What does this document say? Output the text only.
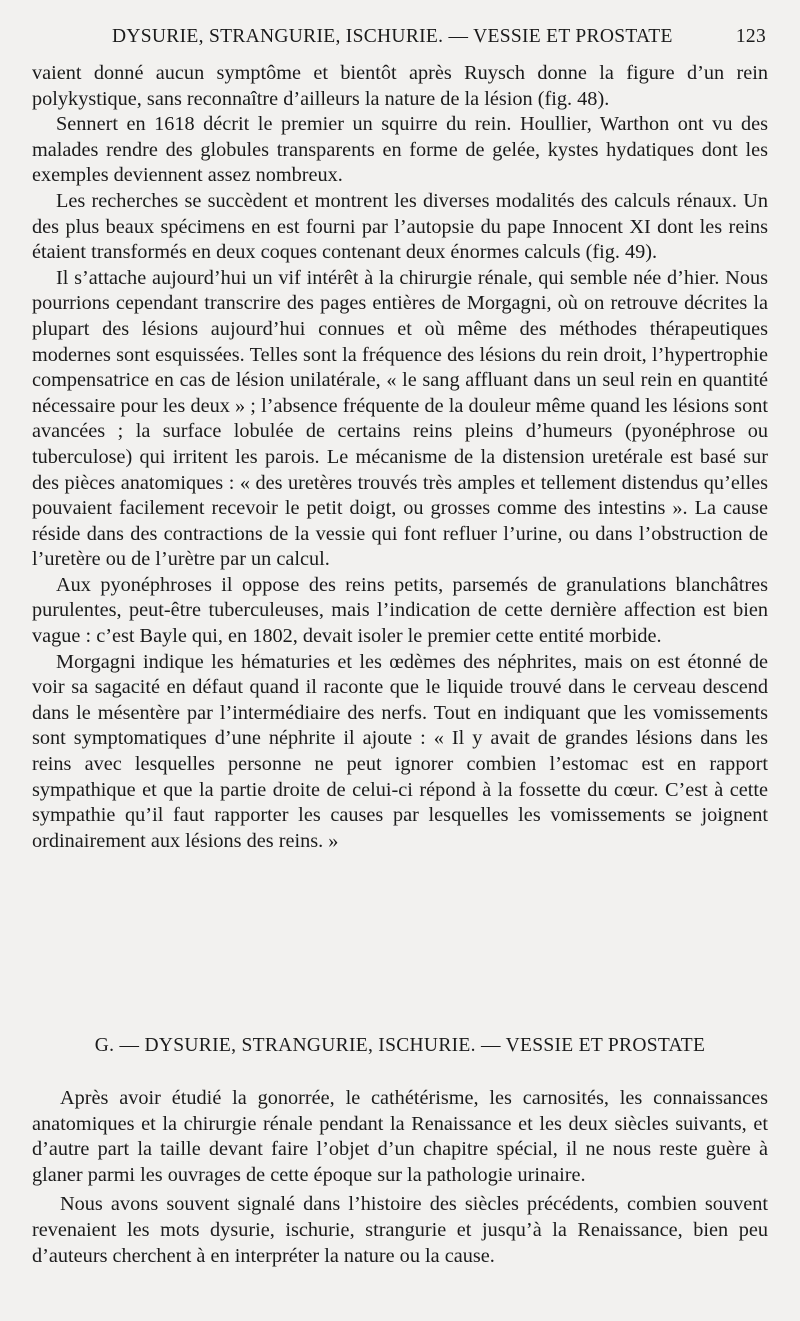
DYSURIE, STRANGURIE, ISCHURIE. — VESSIE ET PROSTATE	123

vaient donné aucun symptôme et bientôt après Ruysch donne la figure d’un rein polykystique, sans reconnaître d’ailleurs la nature de la lésion (fig. 48).

Sennert en 1618 décrit le premier un squirre du rein. Houllier, Warthon ont vu des malades rendre des globules transparents en forme de gelée, kystes hydatiques dont les exemples deviennent assez nombreux.

Les recherches se succèdent et montrent les diverses modalités des calculs rénaux. Un des plus beaux spécimens en est fourni par l’autopsie du pape Innocent XI dont les reins étaient transformés en deux coques contenant deux énormes calculs (fig. 49).

Il s’attache aujourd’hui un vif intérêt à la chirurgie rénale, qui semble née d’hier. Nous pourrions cependant transcrire des pages entières de Morgagni, où on retrouve décrites la plupart des lésions aujourd’hui connues et où même des méthodes thérapeutiques modernes sont esquissées. Telles sont la fréquence des lésions du rein droit, l’hypertrophie compensatrice en cas de lésion unilatérale, « le sang affluant dans un seul rein en quantité nécessaire pour les deux » ; l’absence fréquente de la douleur même quand les lésions sont avancées ; la surface lobulée de certains reins pleins d’humeurs (pyonéphrose ou tuberculose) qui irritent les parois. Le mécanisme de la distension uretérale est basé sur des pièces anatomiques : « des uretères trouvés très amples et tellement distendus qu’elles pouvaient facilement recevoir le petit doigt, ou grosses comme des intestins ». La cause réside dans des contractions de la vessie qui font refluer l’urine, ou dans l’obstruction de l’uretère ou de l’urètre par un calcul.

Aux pyonéphroses il oppose des reins petits, parsemés de granulations blanchâtres purulentes, peut-être tuberculeuses, mais l’indication de cette dernière affection est bien vague : c’est Bayle qui, en 1802, devait isoler le premier cette entité morbide.

Morgagni indique les hématuries et les œdèmes des néphrites, mais on est étonné de voir sa sagacité en défaut quand il raconte que le liquide trouvé dans le cerveau descend dans le mésentère par l’intermédiaire des nerfs. Tout en indiquant que les vomissements sont symptomatiques d’une néphrite il ajoute : « Il y avait de grandes lésions dans les reins avec lesquelles personne ne peut ignorer combien l’estomac est en rapport sympathique et que la partie droite de celui-ci répond à la fossette du cœur. C’est à cette sympathie qu’il faut rapporter les causes par lesquelles les vomissements se joignent ordinairement aux lésions des reins. »

G. — DYSURIE, STRANGURIE, ISCHURIE. — VESSIE ET PROSTATE

Après avoir étudié la gonorrée, le cathétérisme, les carnosités, les connaissances anatomiques et la chirurgie rénale pendant la Renaissance et les deux siècles suivants, et d’autre part la taille devant faire l’objet d’un chapitre spécial, il ne nous reste guère à glaner parmi les ouvrages de cette époque sur la pathologie urinaire.

Nous avons souvent signalé dans l’histoire des siècles précédents, combien souvent revenaient les mots dysurie, ischurie, strangurie et jusqu’à la Renaissance, bien peu d’auteurs cherchent à en interpréter la nature ou la cause.
